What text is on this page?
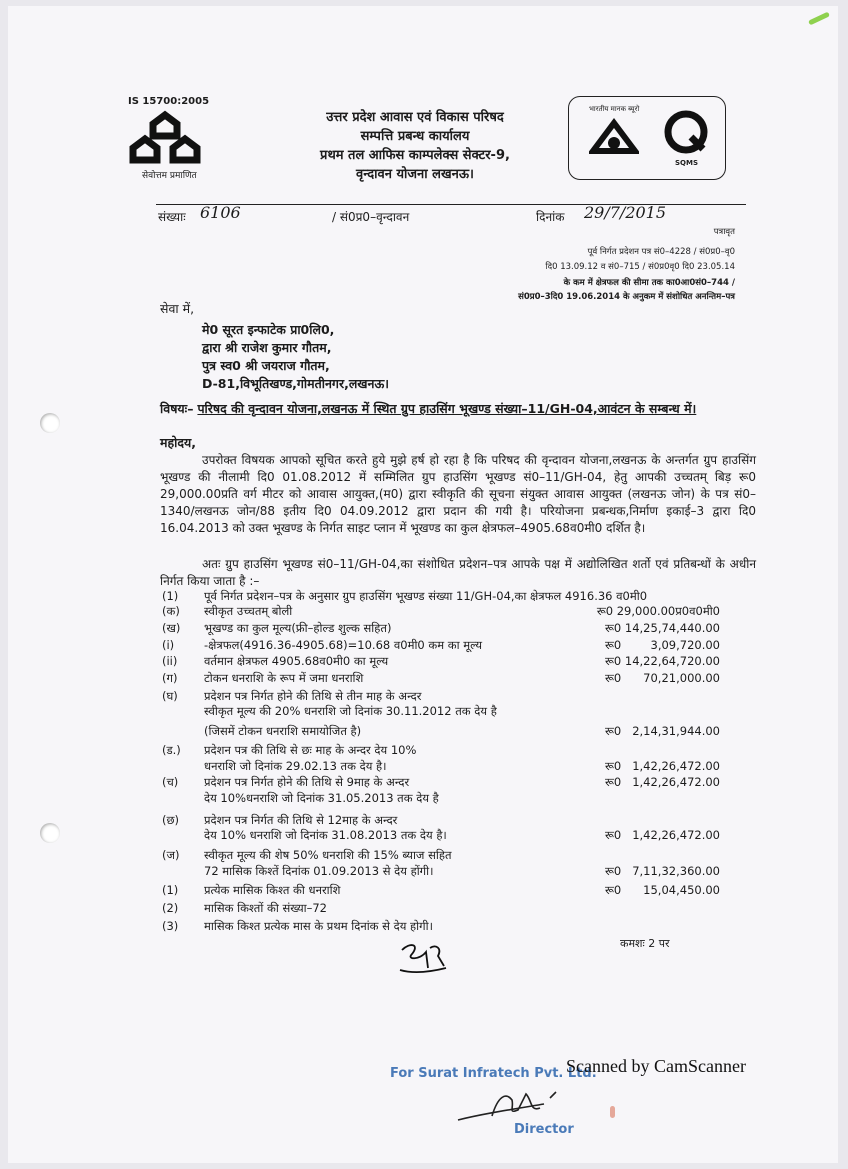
IS 15700:2005
सेवोत्तम प्रमाणित
उत्तर प्रदेश आवास एवं विकास परिषद
सम्पत्ति प्रबन्ध कार्यालय
प्रथम तल आफिस काम्पलेक्स सेक्टर-9,
वृन्दावन योजना लखनऊ।
भारतीय मानक ब्यूरो
SQMS
संख्याः 6106	/ सं0प्र0–वृन्दावन	दिनांक 29/7/2015
पत्रावृत
पूर्व निर्गत प्रदेशन पत्र सं0–4228 / सं0प्र0–वृ0
दि0 13.09.12 व सं0–715 / सं0प्र0वृ0 दि0 23.05.14
के कम में क्षेत्रफल की सीमा तक का0आ0सं0–744 /
सं0प्र0–3दि0 19.06.2014 के अनुकम में संशोधित अनन्तिम–पत्र
सेवा में,
मे0 सूरत इन्फाटेक प्रा0लि0,
द्वारा श्री राजेश कुमार गौतम,
पुत्र स्व0 श्री जयराज गौतम,
D-81,विभूतिखण्ड,गोमतीनगर,लखनऊ।
विषयः– परिषद की वृन्दावन योजना,लखनऊ में स्थित ग्रुप हाउसिंग भूखण्ड संख्या–11/GH-04,आवंटन के सम्बन्ध में।
महोदय,
उपरोक्त विषयक आपको सूचित करते हुये मुझे हर्ष हो रहा है कि परिषद की वृन्दावन योजना,लखनऊ के अन्तर्गत ग्रुप हाउसिंग भूखण्ड की नीलामी दि0 01.08.2012 में सम्मिलित ग्रुप हाउसिंग भूखण्ड सं0–11/GH-04, हेतु आपकी उच्चतम् बिड़ रू0 29,000.00प्रति वर्ग मीटर को आवास आयुक्त,(म0) द्वारा स्वीकृति की सूचना संयुक्त आवास आयुक्त (लखनऊ जोन) के पत्र सं0–1340/लखनऊ जोन/88 इतीय दि0 04.09.2012 द्वारा प्रदान की गयी है। परियोजना प्रबन्धक,निर्माण इकाई–3 द्वारा दि0 16.04.2013 को उक्त भूखण्ड के निर्गत साइट प्लान में भूखण्ड का कुल क्षेत्रफल–4905.68व0मी0 दर्शित है।
अतः ग्रुप हाउसिंग भूखण्ड सं0–11/GH-04,का संशोधित प्रदेशन–पत्र आपके पक्ष में अद्योलिखित शर्तो एवं प्रतिबन्धों के अधीन निर्गत किया जाता है :–
(1) पूर्व निर्गत प्रदेशन–पत्र के अनुसार ग्रुप हाउसिंग भूखण्ड संख्या 11/GH-04,का क्षेत्रफल 4916.36 व0मी0
(क) स्वीकृत उच्चतम् बोली	रू0 29,000.00प्र0व0मी0
(ख) भूखण्ड का कुल मूल्य(फ्री–होल्ड शुल्क सहित)	रू0 14,25,74,440.00
(i)	-क्षेत्रफल(4916.36-4905.68)=10.68 व0मी0 कम का मूल्य	रू0        3,09,720.00
(ii) वर्तमान क्षेत्रफल 4905.68व0मी0 का मूल्य	रू0 14,22,64,720.00
(ग) टोकन धनराशि के रूप में जमा धनराशि	रू0      70,21,000.00
(घ) प्रदेशन पत्र निर्गत होने की तिथि से तीन माह के अन्दर
स्वीकृत मूल्य की 20% धनराशि जो दिनांक 30.11.2012 तक देय है
(जिसमें टोकन धनराशि समायोजित है)	रू0   2,14,31,944.00
(ड.) प्रदेशन पत्र की तिथि से छः माह के अन्दर देय 10%
धनराशि जो दिनांक 29.02.13 तक देय है।	रू0   1,42,26,472.00
(च) प्रदेशन पत्र निर्गत होने की तिथि से 9माह के अन्दर	रू0   1,42,26,472.00
देय 10%धनराशि जो दिनांक 31.05.2013 तक देय है
(छ) प्रदेशन पत्र निर्गत की तिथि से 12माह के अन्दर
देय 10% धनराशि जो दिनांक 31.08.2013 तक देय है।	रू0   1,42,26,472.00
(ज) स्वीकृत मूल्य की शेष 50% धनराशि की 15% ब्याज सहित
72 मासिक किश्तें दिनांक 01.09.2013 से देय होंगी।	रू0   7,11,32,360.00
(1) प्रत्येक मासिक किश्त की धनराशि	रू0      15,04,450.00
(2) मासिक किश्तों की संख्या–72
(3) मासिक किश्त प्रत्येक मास के प्रथम दिनांक से देय होगी।
कमशः 2 पर
For Surat Infratech Pvt. Ltd.
Scanned by CamScanner
Director
